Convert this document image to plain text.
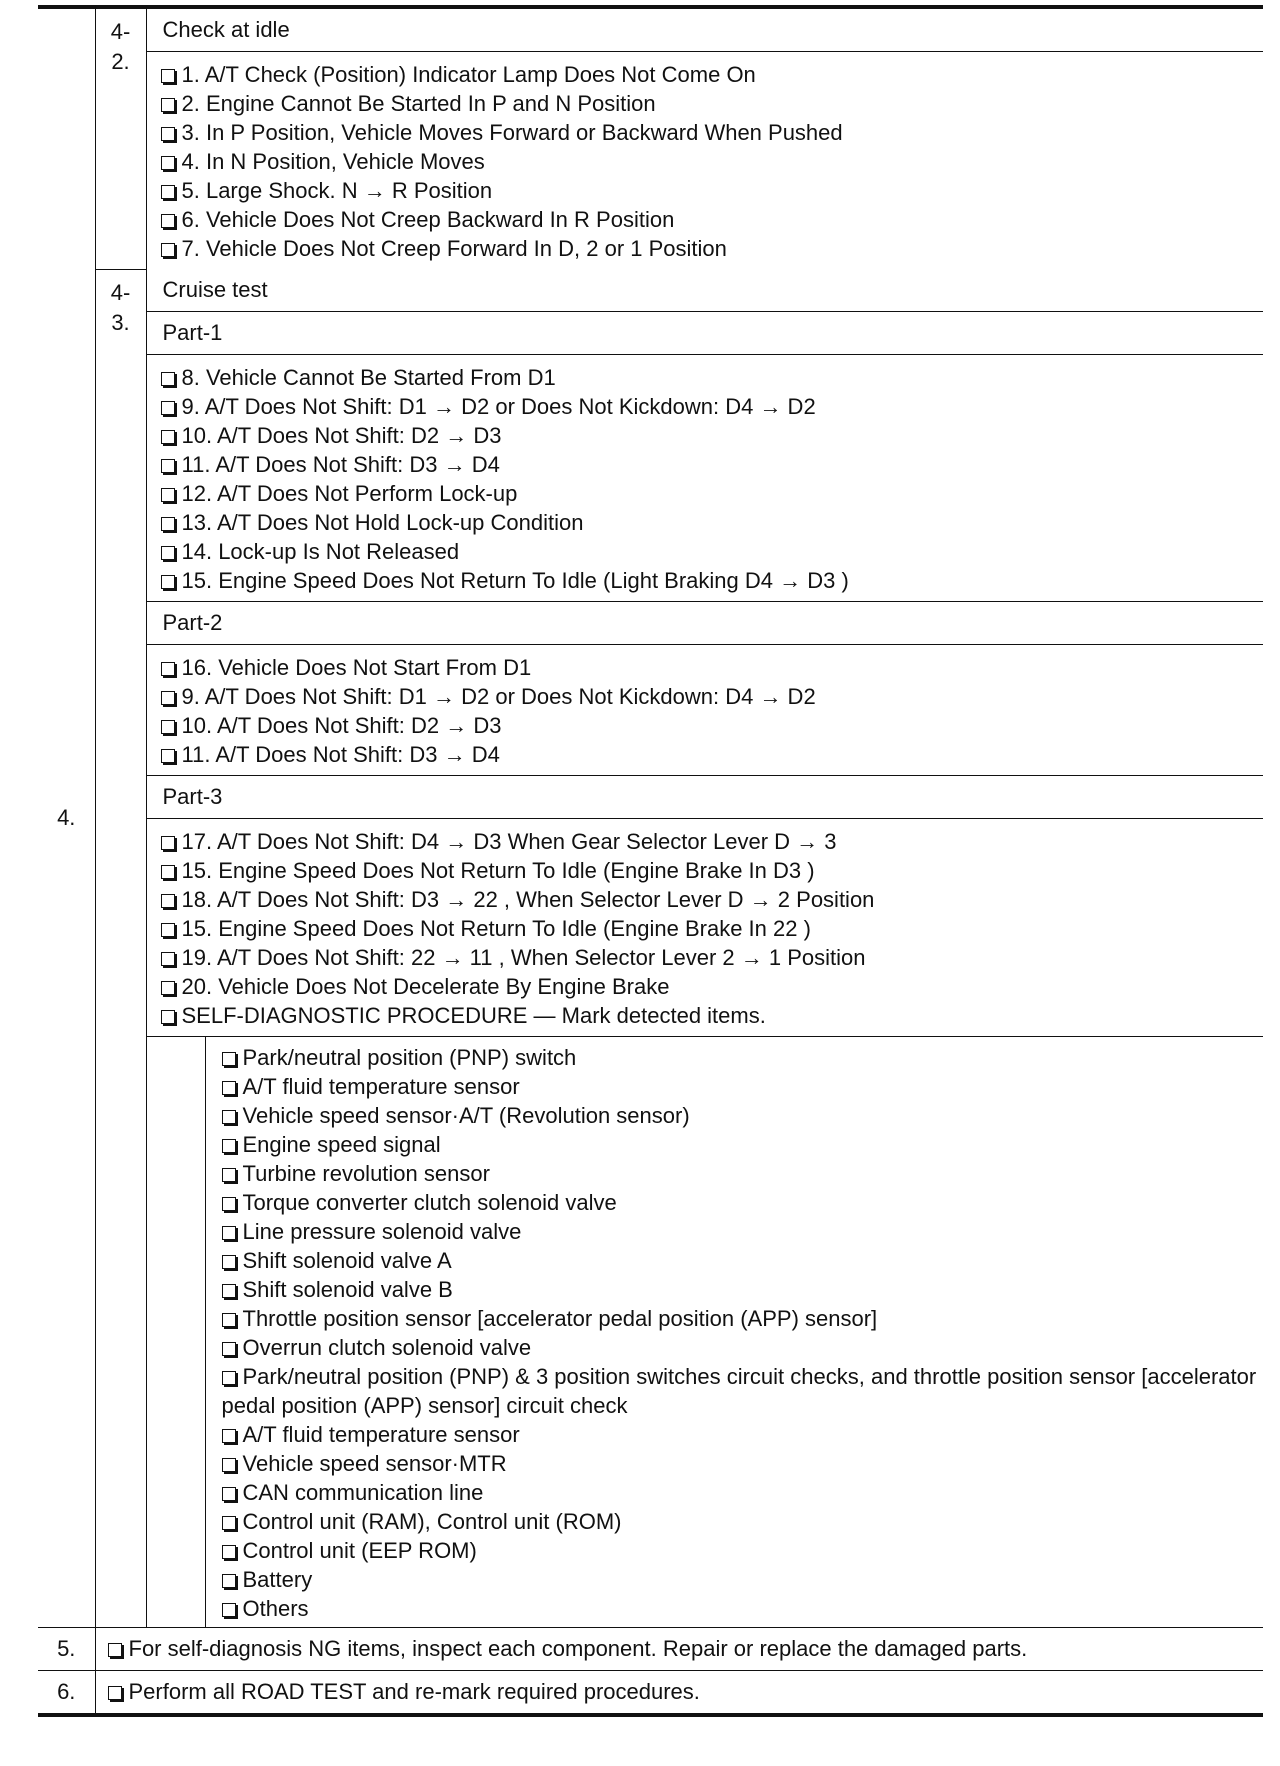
4.	4-
2.	
Check at idle

1. A/T Check (Position) Indicator Lamp Does Not Come On
2. Engine Cannot Be Started In P and N Position
3. In P Position, Vehicle Moves Forward or Backward When Pushed
4. In N Position, Vehicle Moves
5. Large Shock. N → R Position
6. Vehicle Does Not Creep Backward In R Position
7. Vehicle Does Not Creep Forward In D, 2 or 1 Position

4-
3.	
Cruise test
Part-1

8. Vehicle Cannot Be Started From D1
9. A/T Does Not Shift: D1 → D2 or Does Not Kickdown: D4 → D2
10. A/T Does Not Shift: D2 → D3
11. A/T Does Not Shift: D3 → D4
12. A/T Does Not Perform Lock-up
13. A/T Does Not Hold Lock-up Condition
14. Lock-up Is Not Released
15. Engine Speed Does Not Return To Idle (Light Braking D4 → D3 )

Part-2

16. Vehicle Does Not Start From D1
9. A/T Does Not Shift: D1 → D2 or Does Not Kickdown: D4 → D2
10. A/T Does Not Shift: D2 → D3
11. A/T Does Not Shift: D3 → D4

Part-3

17. A/T Does Not Shift: D4 → D3 When Gear Selector Lever D → 3
15. Engine Speed Does Not Return To Idle (Engine Brake In D3 )
18. A/T Does Not Shift: D3 → 22 , When Selector Lever D → 2 Position
15. Engine Speed Does Not Return To Idle (Engine Brake In 22 )
19. A/T Does Not Shift: 22 → 11 , When Selector Lever 2 → 1 Position
20. Vehicle Does Not Decelerate By Engine Brake
SELF-DIAGNOSTIC PROCEDURE — Mark detected items.

Park/neutral position (PNP) switch
A/T fluid temperature sensor
Vehicle speed sensor·A/T (Revolution sensor)
Engine speed signal
Turbine revolution sensor
Torque converter clutch solenoid valve
Line pressure solenoid valve
Shift solenoid valve A
Shift solenoid valve B
Throttle position sensor [accelerator pedal position (APP) sensor]
Overrun clutch solenoid valve
Park/neutral position (PNP) & 3 position switches circuit checks, and throttle position sensor [accelerator pedal position (APP) sensor] circuit check
A/T fluid temperature sensor
Vehicle speed sensor·MTR
CAN communication line
Control unit (RAM), Control unit (ROM)
Control unit (EEP ROM)
Battery
Others

5.	For self-diagnosis NG items, inspect each component. Repair or replace the damaged parts.
6.	Perform all ROAD TEST and re-mark required procedures.
